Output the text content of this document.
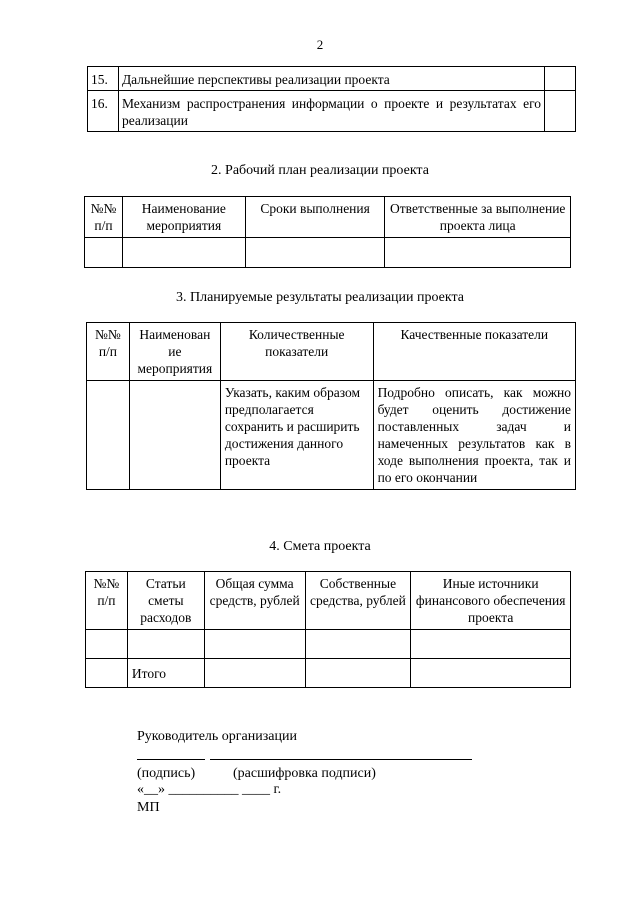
2
15.	Дальнейшие перспективы реализации проекта	
16.	Механизм распространения информации о проекте и результатах его реализации	
2. Рабочий план реализации проекта
№№ п/п	Наименование мероприятия	Сроки выполнения	Ответственные за выполнение проекта лица

3. Планируемые результаты реализации проекта
№№ п/п	Наименован ие мероприятия	Количественные показатели	Качественные показатели
		Указать, каким образом предполагается сохранить и расширить достижения данного проекта	Подробно описать, как можно будет оценить достижение поставленных задач и намеченных результатов как в ходе выполнения проекта, так и по его окончании
4. Смета проекта
№№ п/п	Статьи сметы расходов	Общая сумма средств, рублей	Собственные средства, рублей	Иные источники финансового обеспечения проекта

	Итого			
Руководитель организации
(подпись)	(расшифровка подписи)
«__» __________ ____ г.
МП
